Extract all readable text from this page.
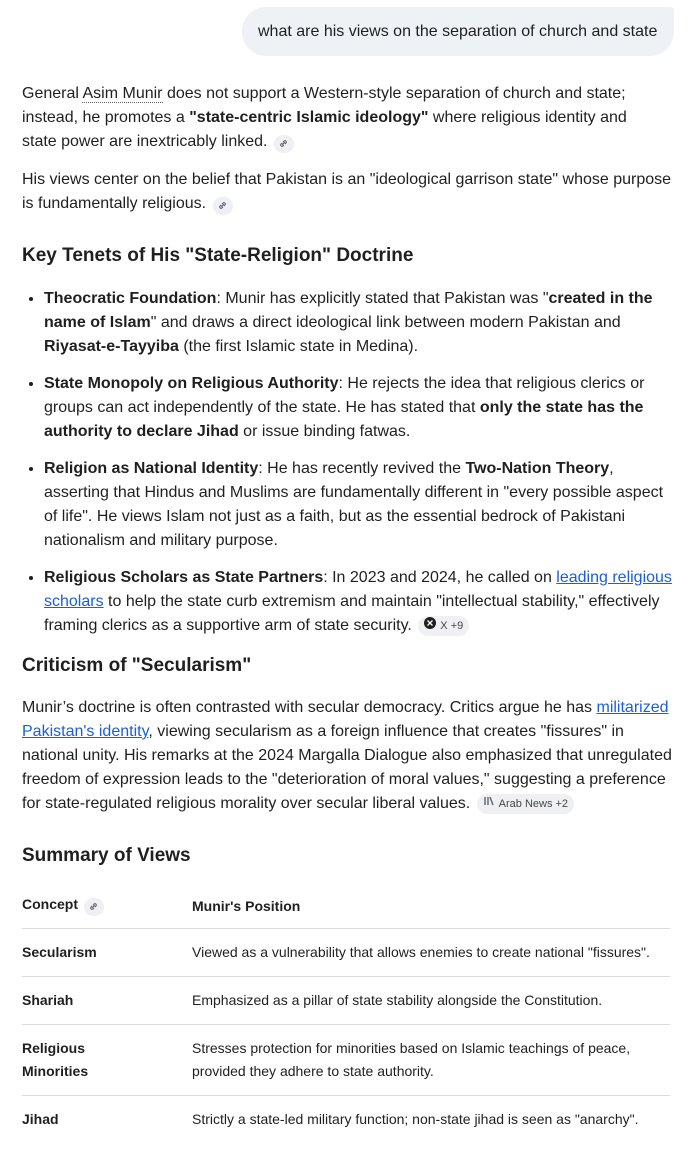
what are his views on the separation of church and state

General Asim Munir does not support a Western-style separation of church and state; instead, he promotes a "state-centric Islamic ideology" where religious identity and state power are inextricably linked.

His views center on the belief that Pakistan is an "ideological garrison state" whose purpose is fundamentally religious.

Key Tenets of His "State-Religion" Doctrine
• Theocratic Foundation: Munir has explicitly stated that Pakistan was "created in the name of Islam" and draws a direct ideological link between modern Pakistan and Riyasat-e-Tayyiba (the first Islamic state in Medina).
• State Monopoly on Religious Authority: He rejects the idea that religious clerics or groups can act independently of the state. He has stated that only the state has the authority to declare Jihad or issue binding fatwas.
• Religion as National Identity: He has recently revived the Two-Nation Theory, asserting that Hindus and Muslims are fundamentally different in "every possible aspect of life". He views Islam not just as a faith, but as the essential bedrock of Pakistani nationalism and military purpose.
• Religious Scholars as State Partners: In 2023 and 2024, he called on leading religious scholars to help the state curb extremism and maintain "intellectual stability," effectively framing clerics as a supportive arm of state security.	X +9
Criticism of "Secularism"

Munir’s doctrine is often contrasted with secular democracy. Critics argue he has militarized Pakistan's identity, viewing secularism as a foreign influence that creates "fissures" in national unity. His remarks at the 2024 Margalla Dialogue also emphasized that unregulated freedom of expression leads to the "deterioration of moral values," suggesting a preference for state-regulated religious morality over secular liberal values.	Arab News +2

Summary of Views
Concept	Munir's Position
Secularism	Viewed as a vulnerability that allows enemies to create national "fissures".
Shariah	Emphasized as a pillar of state stability alongside the Constitution.
Religious Minorities	Stresses protection for minorities based on Islamic teachings of peace, provided they adhere to state authority.
Jihad	Strictly a state-led military function; non-state jihad is seen as "anarchy".
